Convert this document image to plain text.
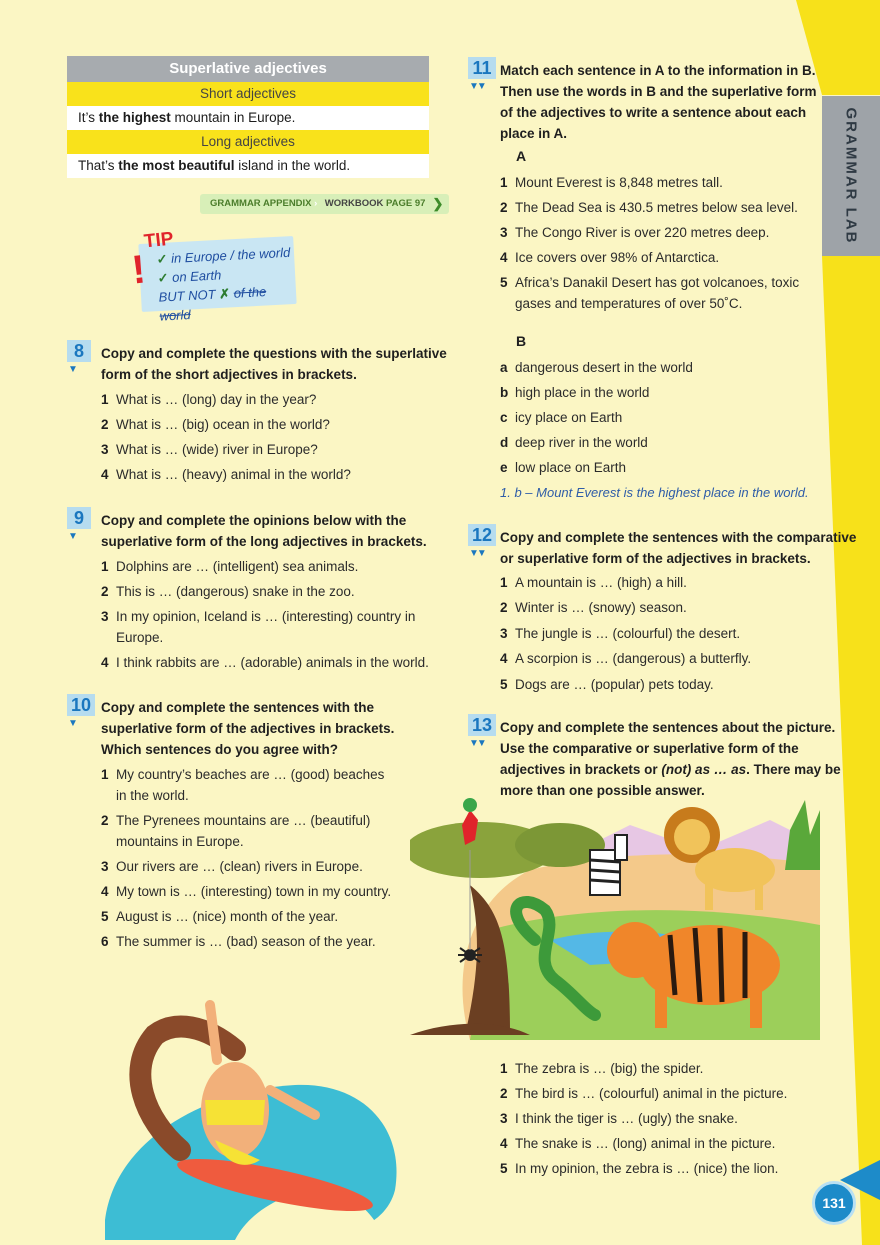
GRAMMAR LAB
Superlative adjectives
Short adjectives
It’s the highest mountain in Europe.
Long adjectives
That’s the most beautiful island in the world.
GRAMMAR APPENDIX › WORKBOOK PAGE 97 ❯
!
TIP
✓ in Europe / the world
✓ on Earth
BUT NOT ✗ of the world
8
▼
Copy and complete the questions with the superlative
form of the short adjectives in brackets.
1 What is … (long) day in the year?
2 What is … (big) ocean in the world?
3 What is … (wide) river in Europe?
4 What is … (heavy) animal in the world?
9
▼
Copy and complete the opinions below with the
superlative form of the long adjectives in brackets.
1 Dolphins are … (intelligent) sea animals.
2 This is … (dangerous) snake in the zoo.
3 In my opinion, Iceland is … (interesting) country in
Europe.
4 I think rabbits are … (adorable) animals in the world.
10
▼
Copy and complete the sentences with the
superlative form of the adjectives in brackets.
Which sentences do you agree with?
1 My country’s beaches are … (good) beaches
in the world.
2 The Pyrenees mountains are … (beautiful)
mountains in Europe.
3 Our rivers are … (clean) rivers in Europe.
4 My town is … (interesting) town in my country.
5 August is … (nice) month of the year.
6 The summer is … (bad) season of the year.
11
▼▼
Match each sentence in A to the information in B.
Then use the words in B and the superlative form
of the adjectives to write a sentence about each
place in A.
A
1 Mount Everest is 8,848 metres tall.
2 The Dead Sea is 430.5 metres below sea level.
3 The Congo River is over 220 metres deep.
4 Ice covers over 98% of Antarctica.
5 Africa’s Danakil Desert has got volcanoes, toxic
gases and temperatures of over 50˚C.
B
a dangerous desert in the world
b high place in the world
c icy place on Earth
d deep river in the world
e low place on Earth
1. b – Mount Everest is the highest place in the world.
12
▼▼
Copy and complete the sentences with the comparative
or superlative form of the adjectives in brackets.
1 A mountain is … (high) a hill.
2 Winter is … (snowy) season.
3 The jungle is … (colourful) the desert.
4 A scorpion is … (dangerous) a butterfly.
5 Dogs are … (popular) pets today.
13
▼▼
Copy and complete the sentences about the picture.
Use the comparative or superlative form of the
adjectives in brackets or (not) as … as. There may be
more than one possible answer.
1 The zebra is … (big) the spider.
2 The bird is … (colourful) animal in the picture.
3 I think the tiger is … (ugly) the snake.
4 The snake is … (long) animal in the picture.
5 In my opinion, the zebra is … (nice) the lion.
131
